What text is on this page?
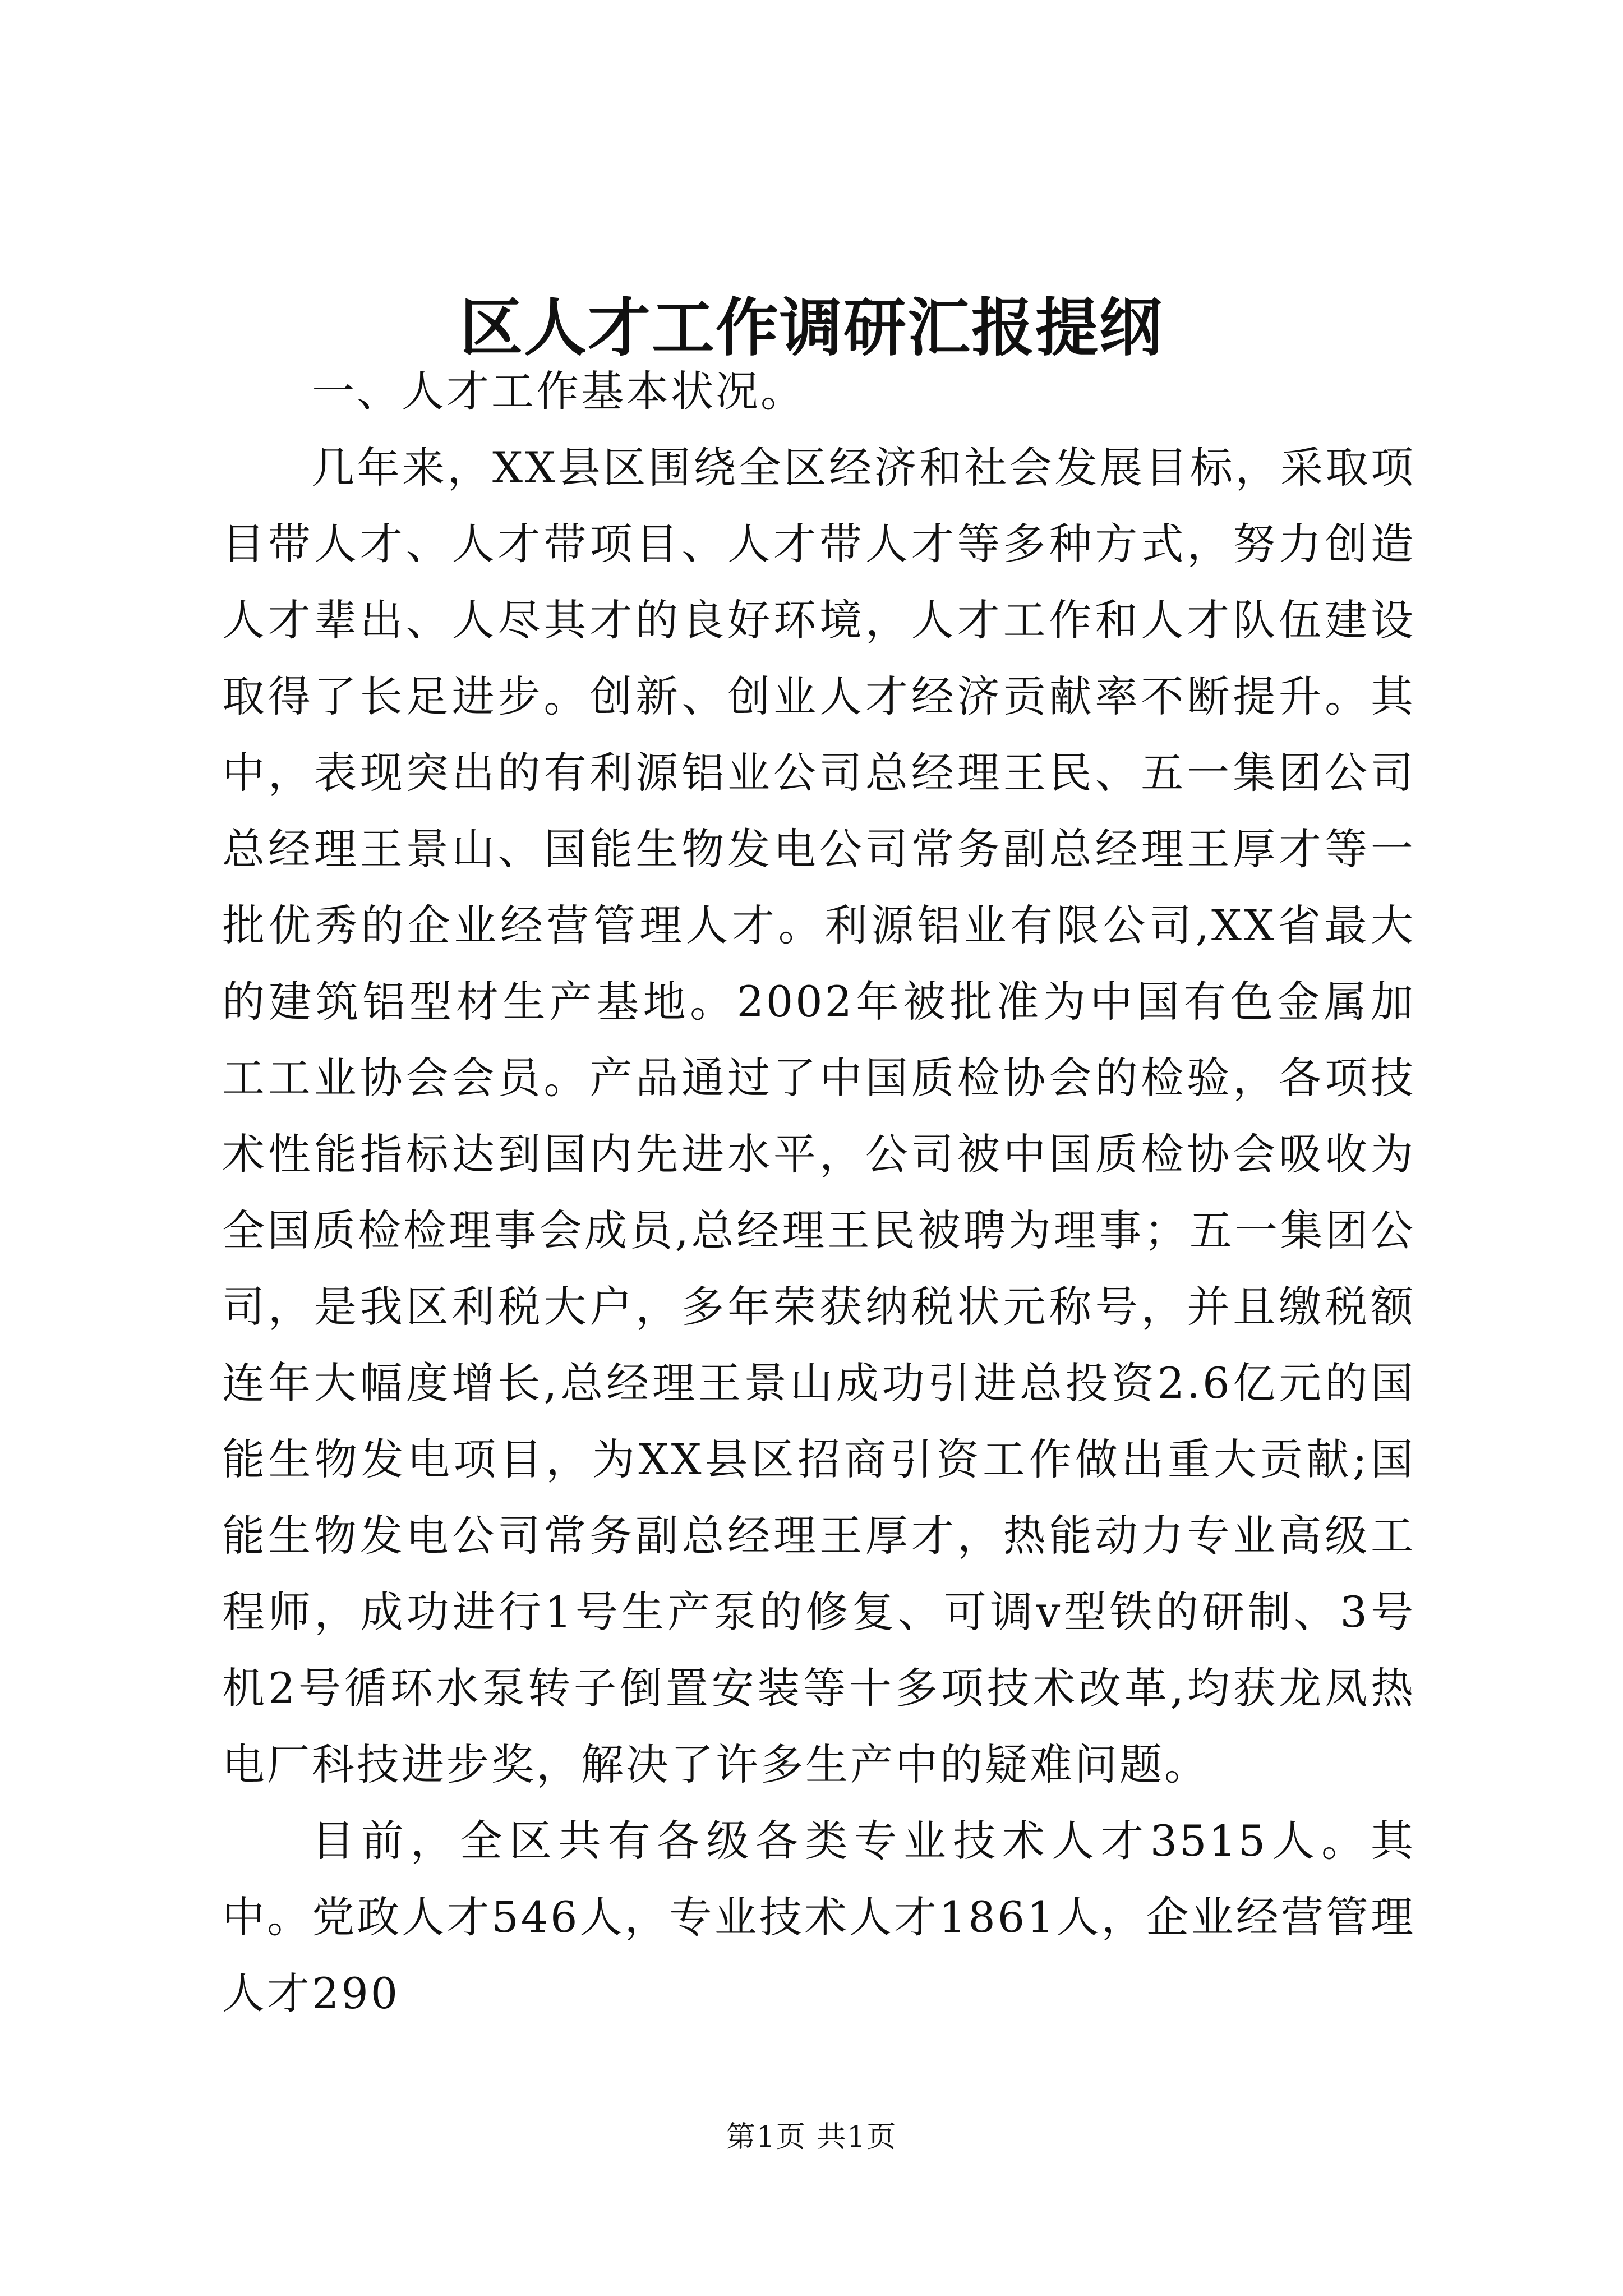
区人才工作调研汇报提纲

一、人才工作基本状况。

几年来，XX县区围绕全区经济和社会发展目标，采取项目带人才、人才带项目、人才带人才等多种方式，努力创造人才辈出、人尽其才的良好环境，人才工作和人才队伍建设取得了长足进步。创新、创业人才经济贡献率不断提升。其中，表现突出的有利源铝业公司总经理王民、五一集团公司总经理王景山、国能生物发电公司常务副总经理王厚才等一批优秀的企业经营管理人才。利源铝业有限公司,XX省最大的建筑铝型材生产基地。2002年被批准为中国有色金属加工工业协会会员。产品通过了中国质检协会的检验，各项技术性能指标达到国内先进水平，公司被中国质检协会吸收为全国质检检理事会成员,总经理王民被聘为理事；五一集团公司，是我区利税大户，多年荣获纳税状元称号，并且缴税额连年大幅度增长,总经理王景山成功引进总投资2.6亿元的国能生物发电项目，为XX县区招商引资工作做出重大贡献;国能生物发电公司常务副总经理王厚才，热能动力专业高级工程师，成功进行1号生产泵的修复、可调v型铁的研制、3号机2号循环水泵转子倒置安装等十多项技术改革,均获龙凤热电厂科技进步奖，解决了许多生产中的疑难问题。

目前，全区共有各级各类专业技术人才3515人。其中。党政人才546人，专业技术人才1861人，企业经营管理人才290

第1页 共1页
